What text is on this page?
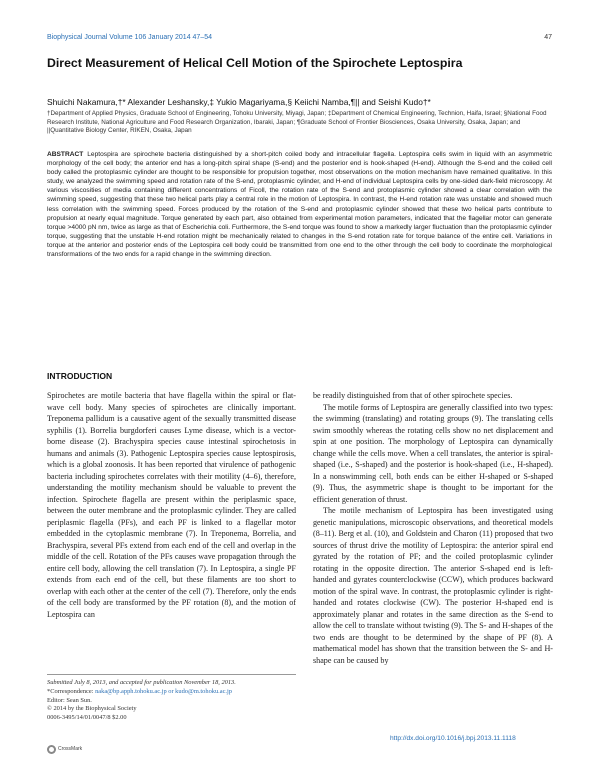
Biophysical Journal Volume 106 January 2014 47–54	47
Direct Measurement of Helical Cell Motion of the Spirochete Leptospira
Shuichi Nakamura,†* Alexander Leshansky,‡ Yukio Magariyama,§ Keiichi Namba,¶|| and Seishi Kudo†*
†Department of Applied Physics, Graduate School of Engineering, Tohoku University, Miyagi, Japan; ‡Department of Chemical Engineering, Technion, Haifa, Israel; §National Food Research Institute, National Agriculture and Food Research Organization, Ibaraki, Japan; ¶Graduate School of Frontier Biosciences, Osaka University, Osaka, Japan; and ||Quantitative Biology Center, RIKEN, Osaka, Japan
ABSTRACT Leptospira are spirochete bacteria distinguished by a short-pitch coiled body and intracellular flagella. Leptospira cells swim in liquid with an asymmetric morphology of the cell body; the anterior end has a long-pitch spiral shape (S-end) and the posterior end is hook-shaped (H-end). Although the S-end and the coiled cell body called the protoplasmic cylinder are thought to be responsible for propulsion together, most observations on the motion mechanism have remained qualitative. In this study, we analyzed the swimming speed and rotation rate of the S-end, protoplasmic cylinder, and H-end of individual Leptospira cells by one-sided dark-field microscopy. At various viscosities of media containing different concentrations of Ficoll, the rotation rate of the S-end and protoplasmic cylinder showed a clear correlation with the swimming speed, suggesting that these two helical parts play a central role in the motion of Leptospira. In contrast, the H-end rotation rate was unstable and showed much less correlation with the swimming speed. Forces produced by the rotation of the S-end and protoplasmic cylinder showed that these two helical parts contribute to propulsion at nearly equal magnitude. Torque generated by each part, also obtained from experimental motion parameters, indicated that the flagellar motor can generate torque >4000 pN nm, twice as large as that of Escherichia coli. Furthermore, the S-end torque was found to show a markedly larger fluctuation than the protoplasmic cylinder torque, suggesting that the unstable H-end rotation might be mechanically related to changes in the S-end rotation rate for torque balance of the entire cell. Variations in torque at the anterior and posterior ends of the Leptospira cell body could be transmitted from one end to the other through the cell body to coordinate the morphological transformations of the two ends for a rapid change in the swimming direction.
INTRODUCTION

Spirochetes are motile bacteria that have flagella within the spiral or flat-wave cell body. Many species of spirochetes are clinically important. Treponema pallidum is a causative agent of the sexually transmitted disease syphilis (1). Borrelia burgdorferi causes Lyme disease, which is a vector-borne disease (2). Brachyspira species cause intestinal spirochetosis in humans and animals (3). Pathogenic Leptospira species cause leptospirosis, which is a global zoonosis. It has been reported that virulence of pathogenic bacteria including spirochetes correlates with their motility (4–6), therefore, understanding the motility mechanism should be valuable to prevent the infection. Spirochete flagella are present within the periplasmic space, between the outer membrane and the protoplasmic cylinder. They are called periplasmic flagella (PFs), and each PF is linked to a flagellar motor embedded in the cytoplasmic membrane (7). In Treponema, Borrelia, and Brachyspira, several PFs extend from each end of the cell and overlap in the middle of the cell. Rotation of the PFs causes wave propagation through the entire cell body, allowing the cell translation (7). In Leptospira, a single PF extends from each end of the cell, but these filaments are too short to overlap with each other at the center of the cell (7). Therefore, only the ends of the cell body are transformed by the PF rotation (8), and the motion of Leptospira can

be readily distinguished from that of other spirochete species.

The motile forms of Leptospira are generally classified into two types: the swimming (translating) and rotating groups (9). The translating cells swim smoothly whereas the rotating cells show no net displacement and spin at one position. The morphology of Leptospira can dynamically change while the cells move. When a cell translates, the anterior is spiral-shaped (i.e., S-shaped) and the posterior is hook-shaped (i.e., H-shaped). In a nonswimming cell, both ends can be either H-shaped or S-shaped (9). Thus, the asymmetric shape is thought to be important for the efficient generation of thrust.

The motile mechanism of Leptospira has been investigated using genetic manipulations, microscopic observations, and theoretical models (8–11). Berg et al. (10), and Goldstein and Charon (11) proposed that two sources of thrust drive the motility of Leptospira: the anterior spiral end gyrated by the rotation of PF; and the coiled protoplasmic cylinder rotating in the opposite direction. The anterior S-shaped end is left-handed and gyrates counterclockwise (CCW), which produces backward motion of the spiral wave. In contrast, the protoplasmic cylinder is right-handed and rotates clockwise (CW). The posterior H-shaped end is approximately planar and rotates in the same direction as the S-end to allow the cell to translate without twisting (9). The S- and H-shapes of the two ends are thought to be determined by the shape of PF (8). A mathematical model has shown that the transition between the S- and H-shape can be caused by

Submitted July 8, 2013, and accepted for publication November 18, 2013.
*Correspondence: naka@bp.apph.tohoku.ac.jp or kudo@m.tohoku.ac.jp
Editor: Sean Sun.
© 2014 by the Biophysical Society
0006-3495/14/01/0047/8 $2.00
CrossMark
http://dx.doi.org/10.1016/j.bpj.2013.11.1118
